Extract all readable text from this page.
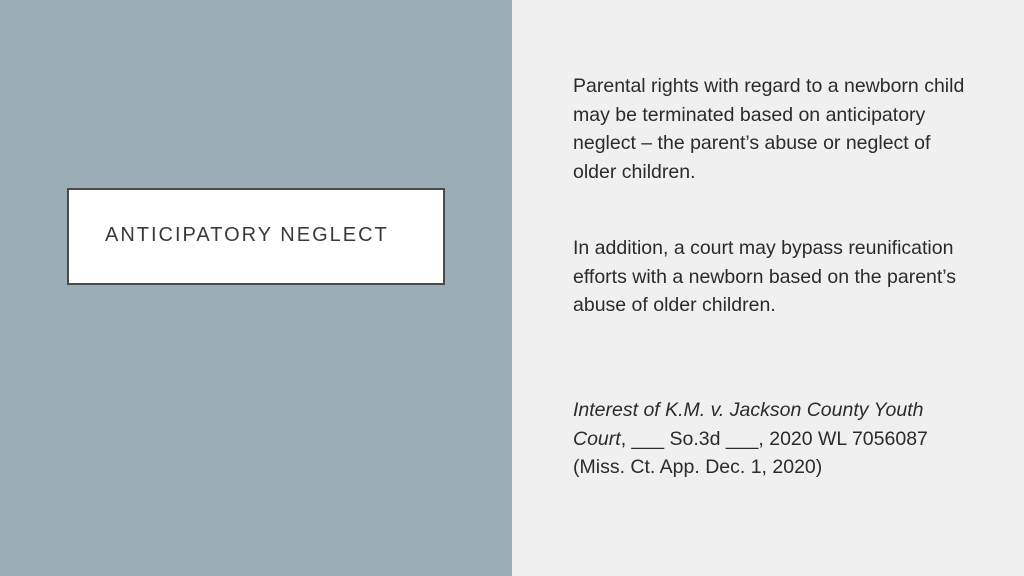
ANTICIPATORY NEGLECT
Parental rights with regard to a newborn child may be terminated based on anticipatory neglect – the parent’s abuse or neglect of older children.
In addition, a court may bypass reunification efforts with a newborn based on the parent’s abuse of older children.
Interest of K.M. v. Jackson County Youth Court, ___ So.3d ___, 2020 WL 7056087 (Miss. Ct. App. Dec. 1, 2020)
